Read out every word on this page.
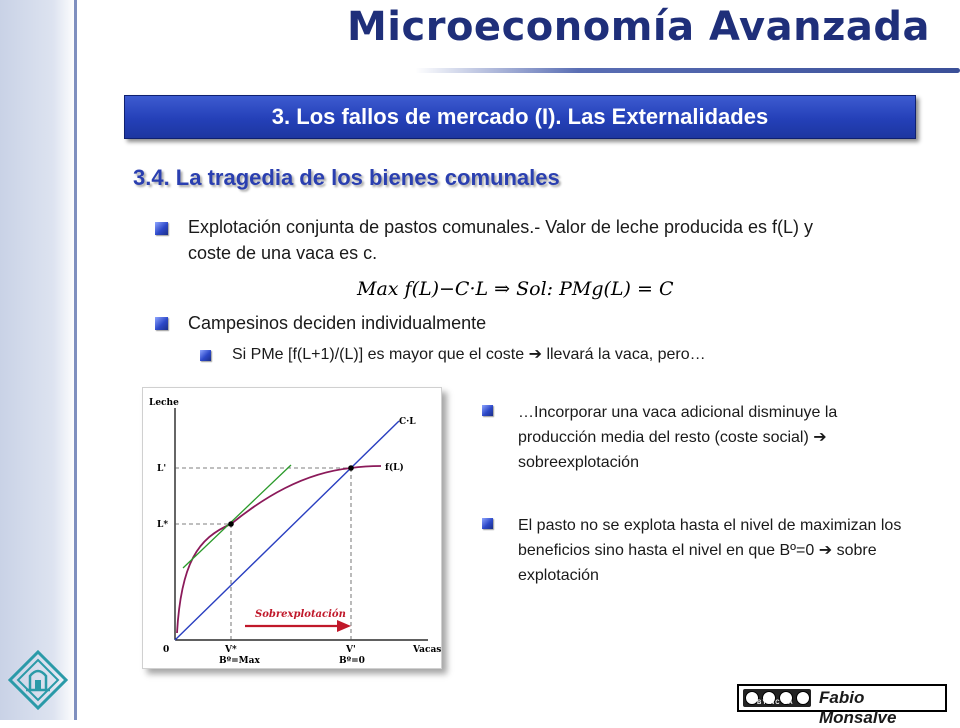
Microeconomía Avanzada
3. Los fallos de mercado (I). Las Externalidades
3.4. La tragedia de los bienes comunales

Explotación conjunta de pastos comunales.- Valor de leche producida es f(L) y coste de una vaca es c.

Max f(L)−C·L ⇒ Sol: PMg(L) = C

Campesinos deciden individualmente

Si PMe [f(L+1)/(L)] es mayor que el coste ➔ llevará la vaca, pero…

…Incorporar una vaca adicional disminuye la producción media del resto (coste social) ➔ sobreexplotación

El pasto no se explota hasta el nivel de maximizan los beneficios sino hasta el nivel en que Bº=0 ➔ sobre explotación

Leche
Vacas
C·L
f(L)
L'
L*
0	V*
Bº=Max
V'
Bº=0
Sobrexplotación
BY NC SA Fabio Monsalve
